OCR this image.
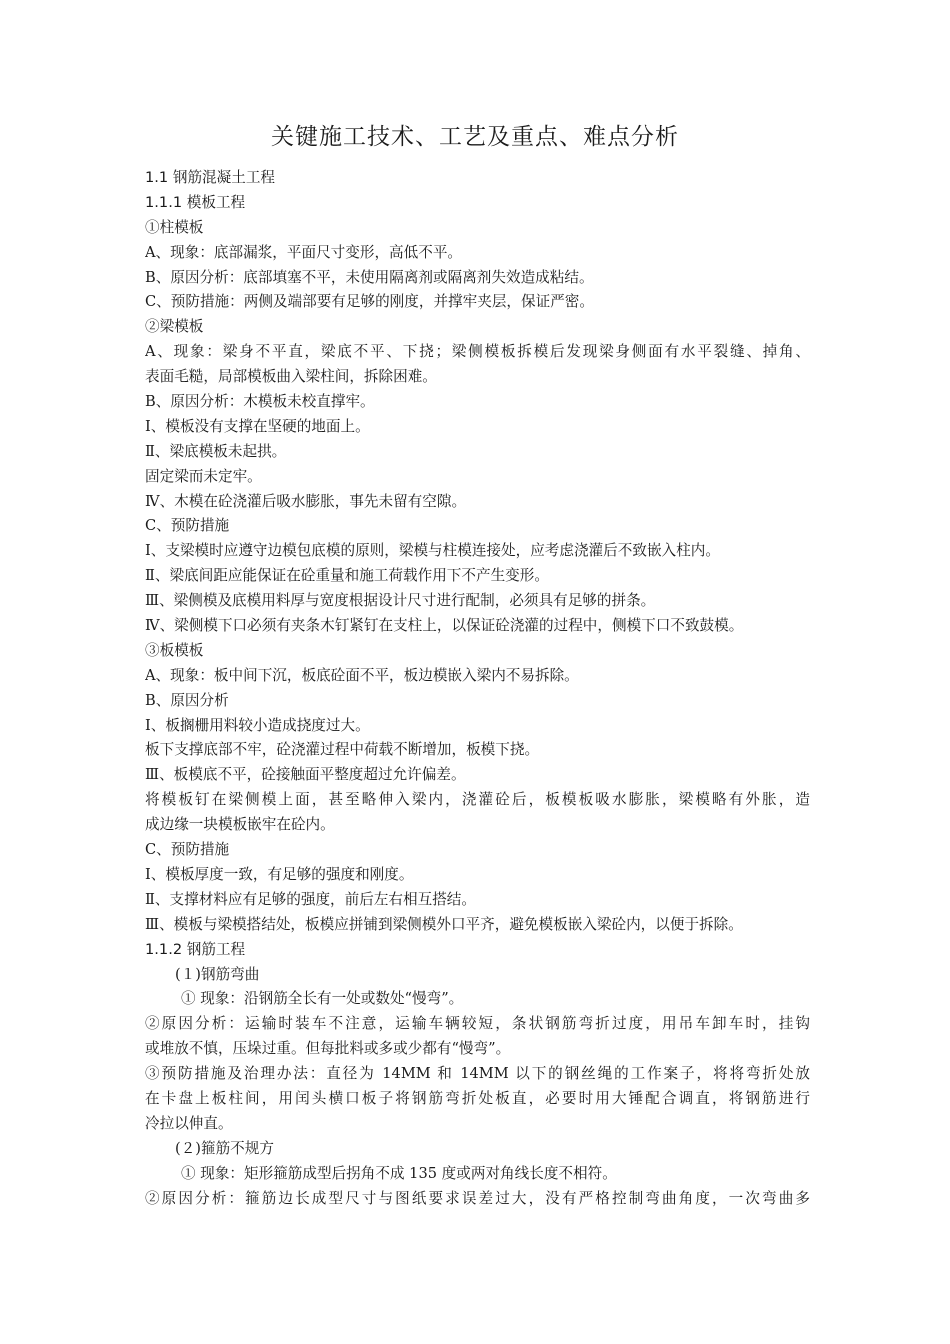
关键施工技术、工艺及重点、难点分析
1.1 钢筋混凝土工程
1.1.1 模板工程
①柱模板
A、现象：底部漏浆，平面尺寸变形，高低不平。
B、原因分析：底部填塞不平，未使用隔离剂或隔离剂失效造成粘结。
C、预防措施：两侧及端部要有足够的刚度，并撑牢夹层，保证严密。
②梁模板
A、现象：梁身不平直，梁底不平、下挠；梁侧模板拆模后发现梁身侧面有水平裂缝、掉角、
表面毛糙，局部模板曲入梁柱间，拆除困难。
B、原因分析：木模板未校直撑牢。
Ⅰ、模板没有支撑在坚硬的地面上。
Ⅱ、梁底模板未起拱。
固定梁而未定牢。
Ⅳ、木模在砼浇灌后吸水膨胀，事先未留有空隙。
C、预防措施
Ⅰ、支梁模时应遵守边模包底模的原则，梁模与柱模连接处，应考虑浇灌后不致嵌入柱内。
Ⅱ、梁底间距应能保证在砼重量和施工荷载作用下不产生变形。
Ⅲ、梁侧模及底模用料厚与宽度根据设计尺寸进行配制，必须具有足够的拼条。
Ⅳ、梁侧模下口必须有夹条木钉紧钉在支柱上，以保证砼浇灌的过程中，侧模下口不致鼓模。
③板模板
A、现象：板中间下沉，板底砼面不平，板边模嵌入梁内不易拆除。
B、原因分析
Ⅰ、板搁栅用料较小造成挠度过大。
板下支撑底部不牢，砼浇灌过程中荷载不断增加，板模下挠。
Ⅲ、板模底不平，砼接触面平整度超过允许偏差。
将模板钉在梁侧模上面，甚至略伸入梁内，浇灌砼后，板模板吸水膨胀，梁模略有外胀，造
成边缘一块模板嵌牢在砼内。
C、预防措施
Ⅰ、模板厚度一致，有足够的强度和刚度。
Ⅱ、支撑材料应有足够的强度，前后左右相互搭结。
Ⅲ、模板与梁模搭结处，板模应拼铺到梁侧模外口平齐，避免模板嵌入梁砼内，以便于拆除。
1.1.2 钢筋工程
(１)钢筋弯曲
① 现象：沿钢筋全长有一处或数处“慢弯”。
②原因分析：运输时装车不注意，运输车辆较短，条状钢筋弯折过度，用吊车卸车时，挂钩
或堆放不慎，压垛过重。但每批料或多或少都有“慢弯”。
③预防措施及治理办法：直径为 14MM 和 14MM 以下的钢丝绳的工作案子，将将弯折处放
在卡盘上板柱间，用闰头横口板子将钢筋弯折处板直，必要时用大锤配合调直，将钢筋进行
冷拉以伸直。
(２)箍筋不规方
① 现象：矩形箍筋成型后拐角不成 135 度或两对角线长度不相符。
②原因分析：箍筋边长成型尺寸与图纸要求误差过大，没有严格控制弯曲角度，一次弯曲多
